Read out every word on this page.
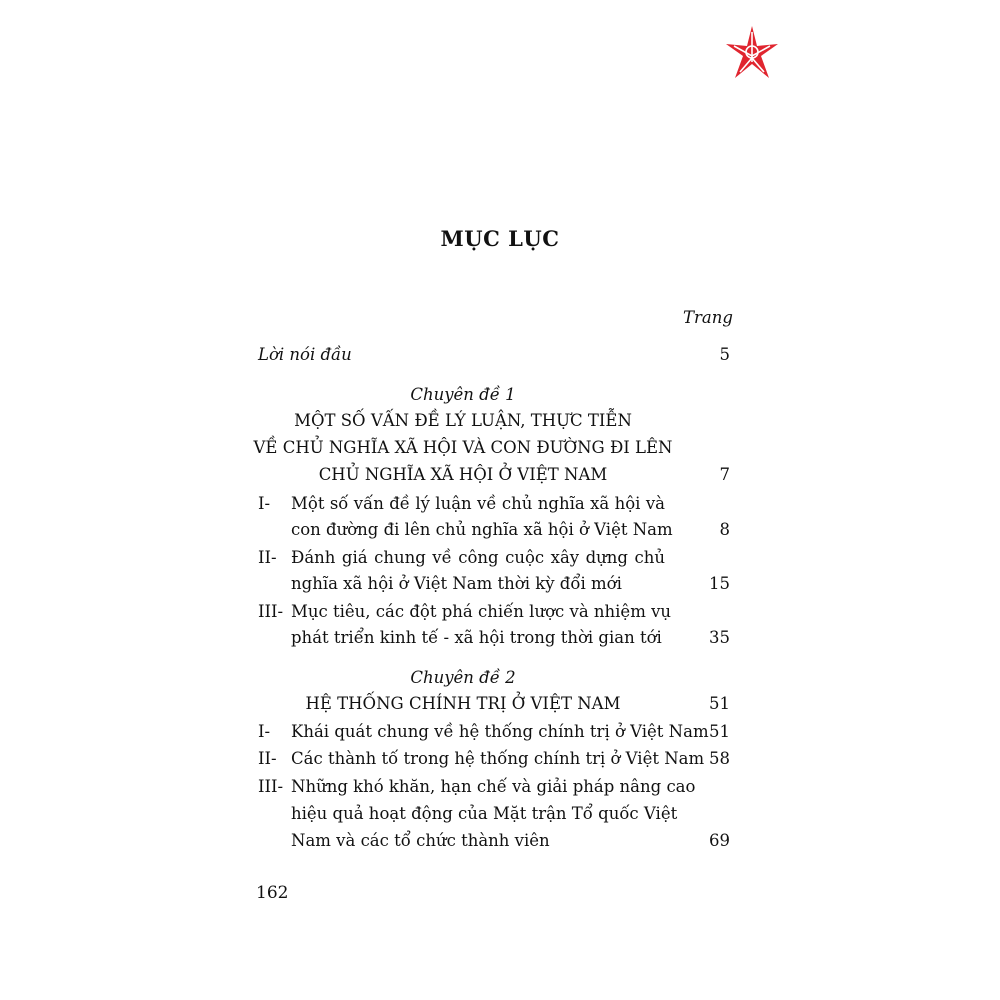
MỤC LỤC
Trang
Lời nói đầu	5
Chuyên đề 1
MỘT SỐ VẤN ĐỀ LÝ LUẬN, THỰC TIỄN
VỀ CHỦ NGHĨA XÃ HỘI VÀ CON ĐƯỜNG ĐI LÊN
CHỦ NGHĨA XÃ HỘI Ở VIỆT NAM	7
I- Một số vấn đề lý luận về chủ nghĩa xã hội và
con đường đi lên chủ nghĩa xã hội ở Việt Nam	8
II- Đánh giá chung về công cuộc xây dựng chủ
nghĩa xã hội ở Việt Nam thời kỳ đổi mới	15
III- Mục tiêu, các đột phá chiến lược và nhiệm vụ
phát triển kinh tế - xã hội trong thời gian tới	35
Chuyên đề 2
HỆ THỐNG CHÍNH TRỊ Ở VIỆT NAM	51
I- Khái quát chung về hệ thống chính trị ở Việt Nam 51
II- Các thành tố trong hệ thống chính trị ở Việt Nam 58
III- Những khó khăn, hạn chế và giải pháp nâng cao
hiệu quả hoạt động của Mặt trận Tổ quốc Việt
Nam và các tổ chức thành viên	69
162
